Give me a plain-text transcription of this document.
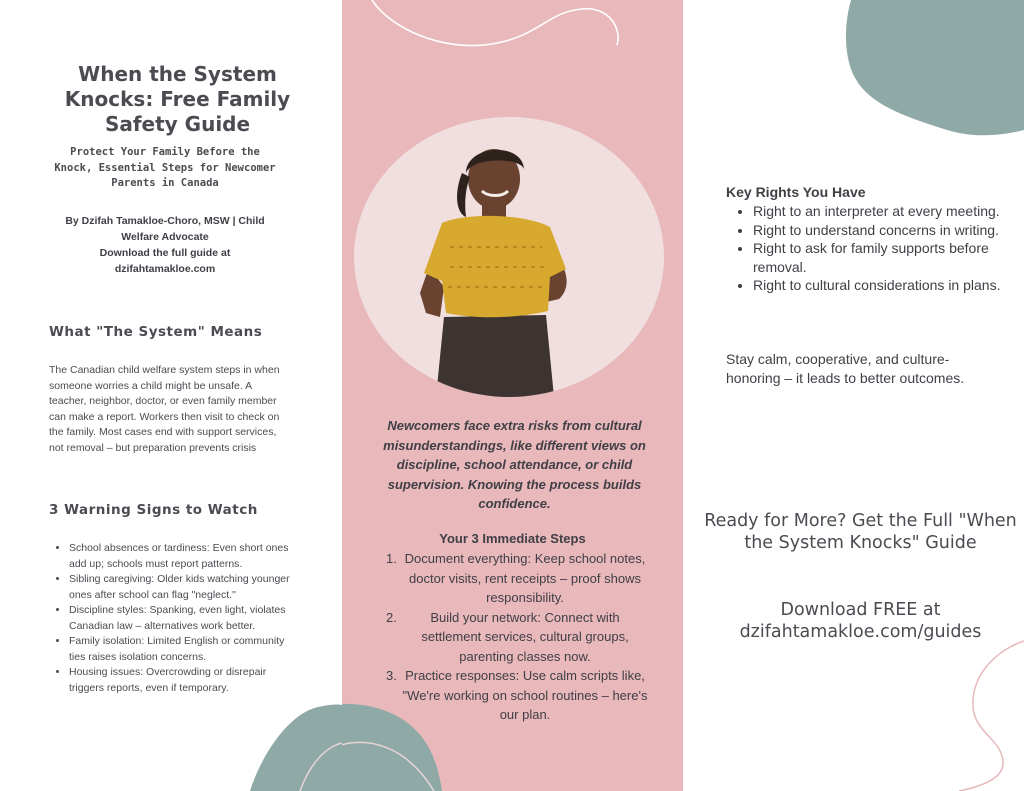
When the System Knocks: Free Family Safety Guide

Protect Your Family Before the Knock, Essential Steps for Newcomer Parents in Canada

By Dzifah Tamakloe-Choro, MSW | Child Welfare Advocate
Download the full guide at
dzifahtamakloe.com
What "The System" Means

The Canadian child welfare system steps in when someone worries a child might be unsafe. A teacher, neighbor, doctor, or even family member can make a report. Workers then visit to check on the family. Most cases end with support services, not removal – but preparation prevents crisis

3 Warning Signs to Watch
• School absences or tardiness: Even short ones add up; schools must report patterns.
• Sibling caregiving: Older kids watching younger ones after school can flag "neglect."
• Discipline styles: Spanking, even light, violates Canadian law – alternatives work better.
• Family isolation: Limited English or community ties raises isolation concerns.
• Housing issues: Overcrowding or disrepair triggers reports, even if temporary.

Newcomers face extra risks from cultural misunderstandings, like different views on discipline, school attendance, or child supervision. Knowing the process builds confidence.

Your 3 Immediate Steps
1. Document everything: Keep school notes, doctor visits, rent receipts – proof shows responsibility.
2.	Build your network: Connect with settlement services, cultural groups, parenting classes now.
3. Practice responses: Use calm scripts like, "We're working on school routines – here's our plan.
Key Rights You Have
• Right to an interpreter at every meeting.
• Right to understand concerns in writing.
• Right to ask for family supports before removal.
• Right to cultural considerations in plans.

Stay calm, cooperative, and culture-honoring – it leads to better outcomes.

Ready for More? Get the Full "When the System Knocks" Guide

Download FREE at
dzifahtamakloe.com/guides
